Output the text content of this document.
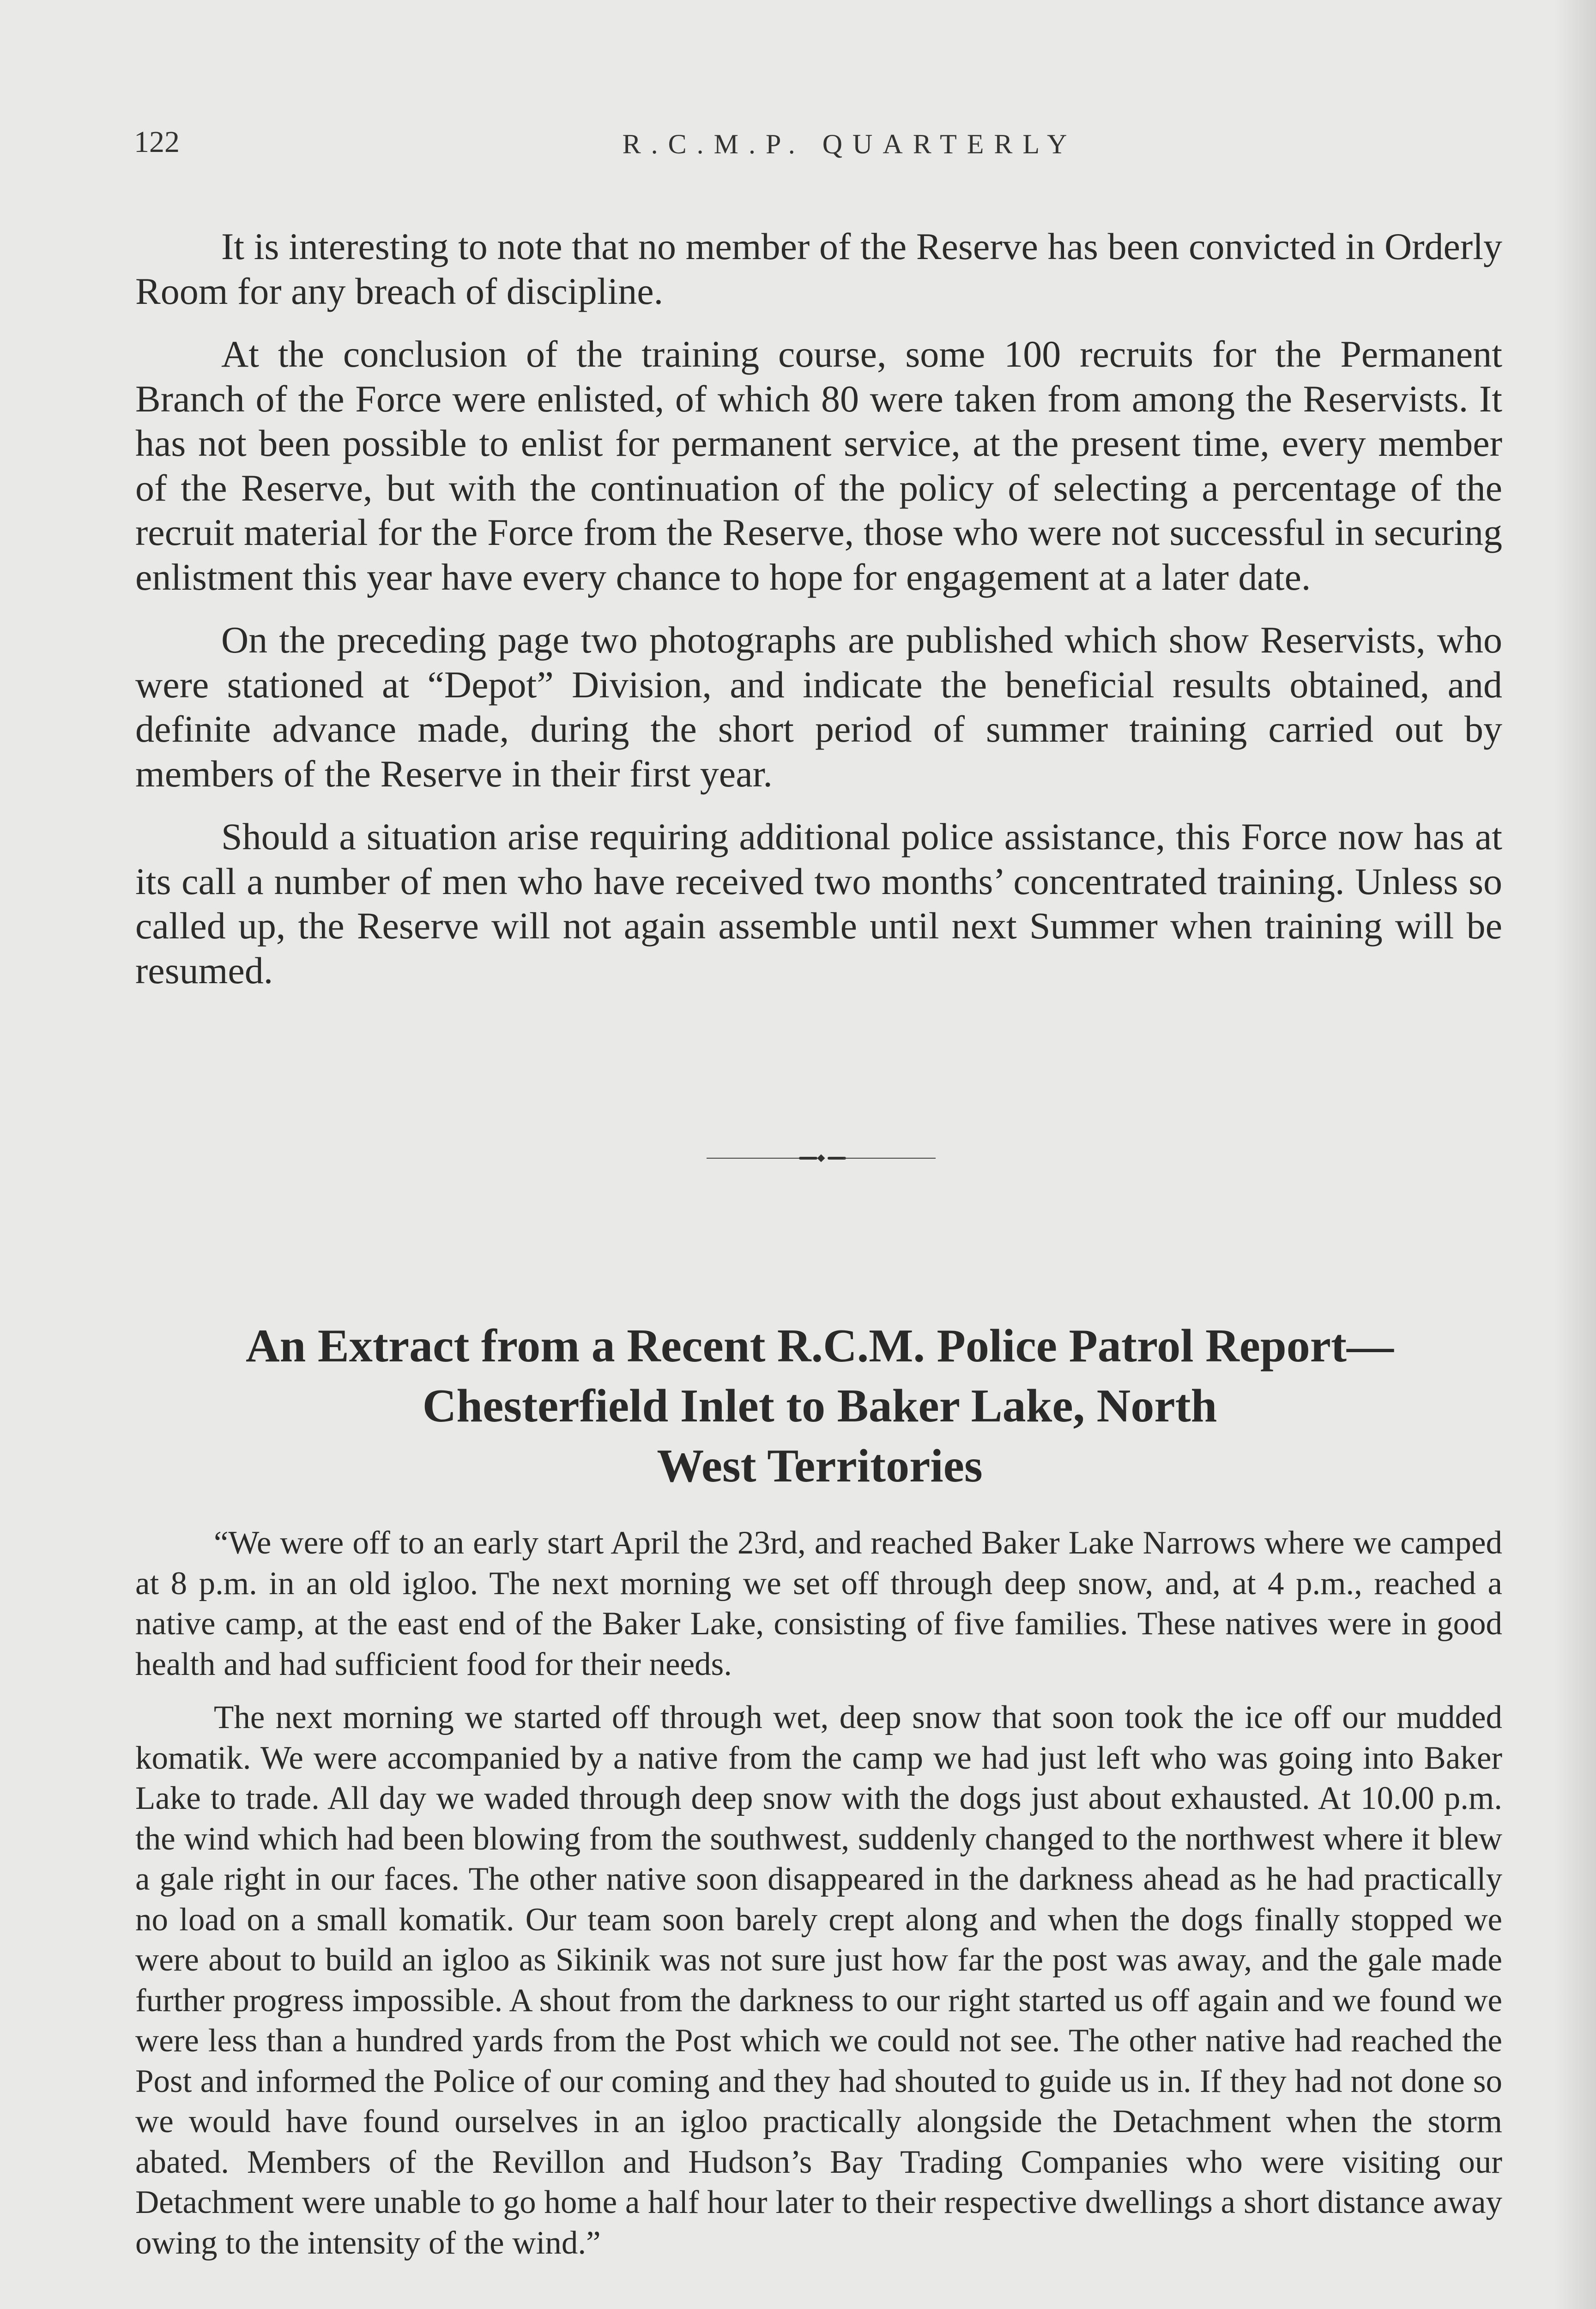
122	R.C.M.P. QUARTERLY

It is interesting to note that no member of the Reserve has been convicted in Orderly Room for any breach of discipline.

At the conclusion of the training course, some 100 recruits for the Permanent Branch of the Force were enlisted, of which 80 were taken from among the Reservists. It has not been possible to enlist for permanent service, at the present time, every member of the Reserve, but with the continuation of the policy of selecting a percentage of the recruit material for the Force from the Reserve, those who were not successful in securing enlistment this year have every chance to hope for engagement at a later date.

On the preceding page two photographs are published which show Reservists, who were stationed at “Depot” Division, and indicate the beneficial results obtained, and definite advance made, during the short period of summer training carried out by members of the Reserve in their first year.

Should a situation arise requiring additional police assistance, this Force now has at its call a number of men who have received two months’ concentrated training. Unless so called up, the Reserve will not again assemble until next Summer when training will be resumed.

An Extract from a Recent R.C.M. Police Patrol Report—
Chesterfield Inlet to Baker Lake, North
West Territories

“We were off to an early start April the 23rd, and reached Baker Lake Narrows where we camped at 8 p.m. in an old igloo. The next morning we set off through deep snow, and, at 4 p.m., reached a native camp, at the east end of the Baker Lake, consisting of five families. These natives were in good health and had sufficient food for their needs.

The next morning we started off through wet, deep snow that soon took the ice off our mudded komatik. We were accompanied by a native from the camp we had just left who was going into Baker Lake to trade. All day we waded through deep snow with the dogs just about exhausted. At 10.00 p.m. the wind which had been blowing from the southwest, suddenly changed to the northwest where it blew a gale right in our faces. The other native soon disappeared in the darkness ahead as he had practically no load on a small komatik. Our team soon barely crept along and when the dogs finally stopped we were about to build an igloo as Sikinik was not sure just how far the post was away, and the gale made further progress impossible. A shout from the darkness to our right started us off again and we found we were less than a hundred yards from the Post which we could not see. The other native had reached the Post and informed the Police of our coming and they had shouted to guide us in. If they had not done so we would have found ourselves in an igloo practically alongside the Detachment when the storm abated. Members of the Revillon and Hudson’s Bay Trading Companies who were visiting our Detachment were unable to go home a half hour later to their respective dwellings a short distance away owing to the intensity of the wind.”
